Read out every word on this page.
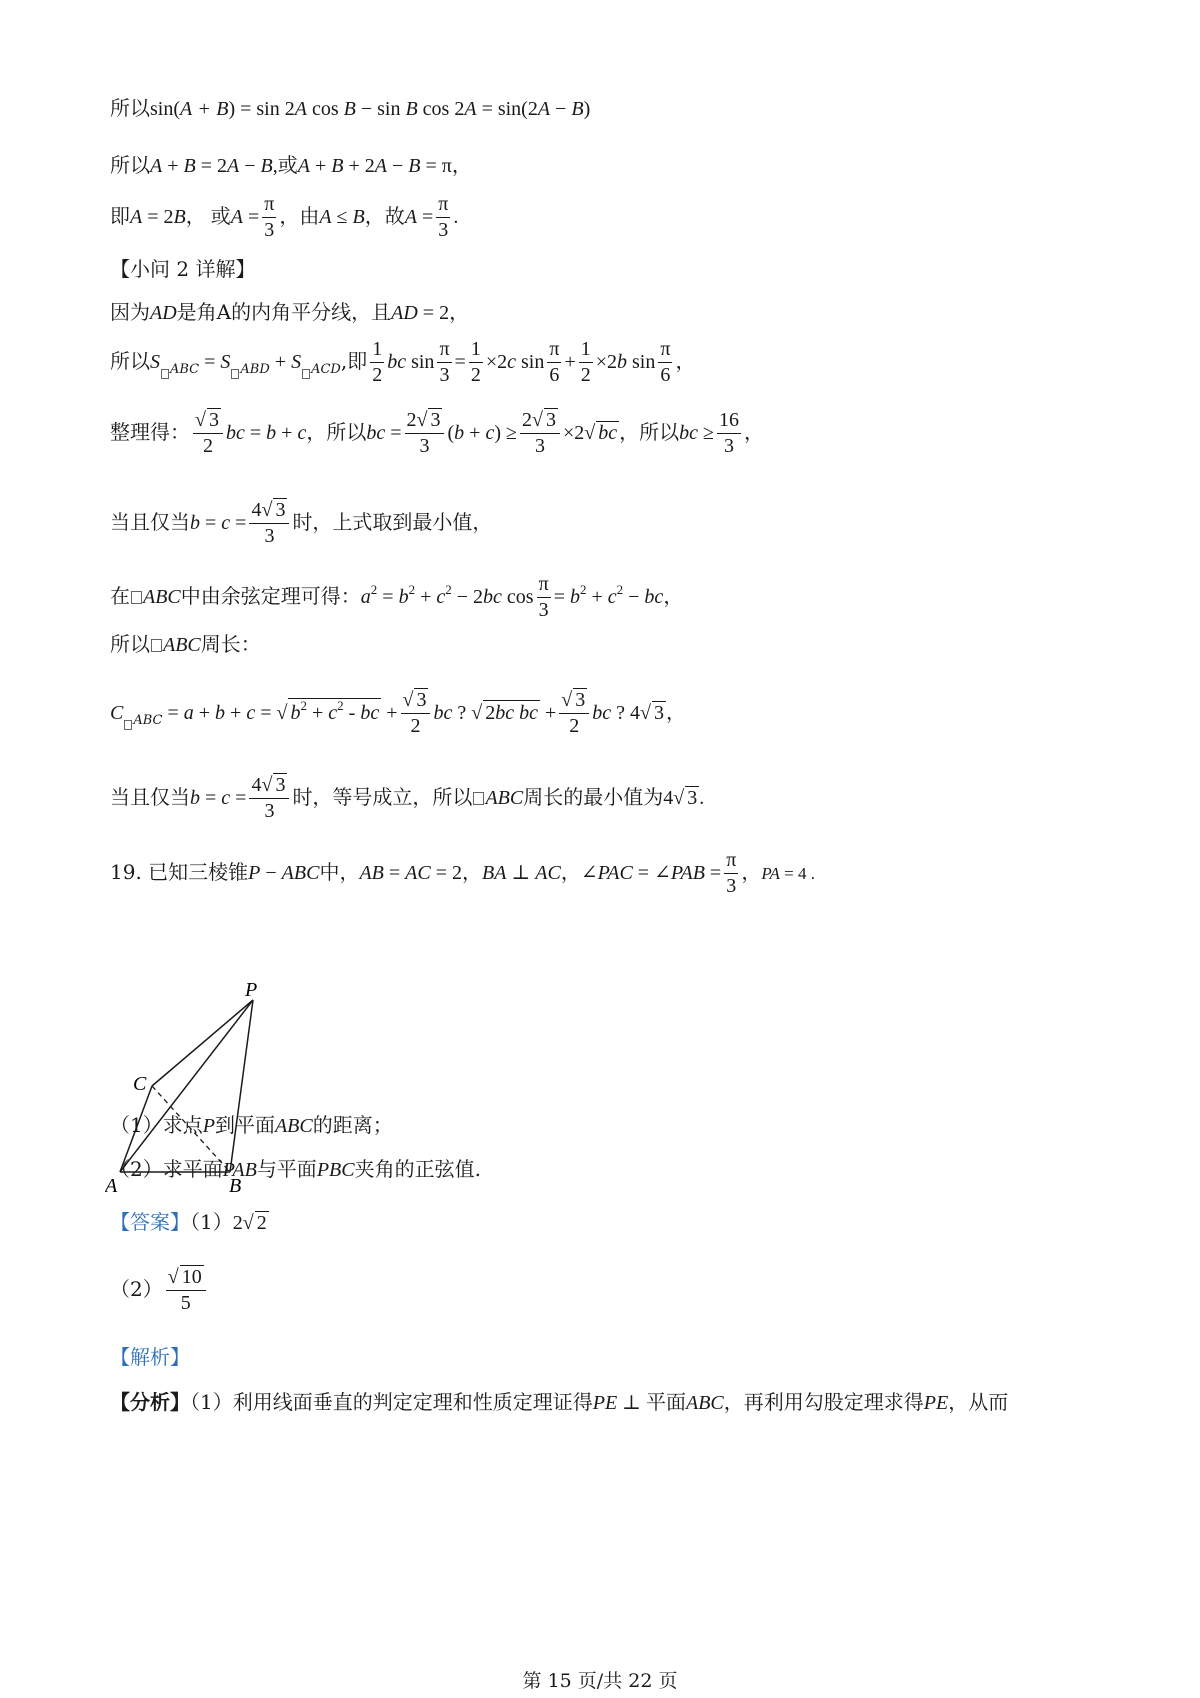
所以sin(A + B) = sin 2A cos B − sin B cos 2A = sin(2A − B)
所以A + B = 2A − B,或A + B + 2A − B = π，
即A = 2B， 或$A = \frac{\pi}{3}$ ，由A ≤ B，故$A = \frac{\pi}{3}$ .
【小问 2 详解】
因为AD是角A的内角平分线，且AD = 2，
所以S $_{ABC}$ = S $_{ABD}$ + S $_{ACD}$,即 $\frac{1}{2}$ bc $\sin \frac{\pi}{3} = \frac{1}{2} \times 2c$ $\sin \frac{\pi}{6} + \frac{1}{2} \times 2b$ $\sin \frac{\pi}{6}$ ，
整理得： $\frac{√ 3}{2}$ bc = b + c，所以bc = $\frac{2√ 3}{3} (b + c) \ge \frac{2√ 3}{3} \times 2√$ bc ，所以bc ≥ $\frac{16}{3}$ ，
当且仅当$b = c = \frac{4√ 3}{3}$ 时，上式取到最小值，
在 ABC中由余弦定理可得：$a^2 = b^2 + c^2 - 2bc$ $\cos \frac{\pi}{3} = b^2 + c^2$ − bc，
所以 ABC周长：
C $_{ABC}$ = a + b + c = √ $b^2 + c^2$ - bc + $\frac{√ 3}{2}$ bc ? √ 2bc bc + $\frac{√ 3}{2}$ bc ? 4√ 3 ，
当且仅当$b = c = \frac{4√ 3}{3}$ 时，等号成立，所以 ABC周长的最小值为4√ 3 .
19. 已知三棱锥P − ABC中，AB = AC = 2，BA ⊥ AC，∠PAC = ∠PAB = $\frac{\pi}{3}$ ，PA = 4 .
P
C
A	B
（1）求点P到平面ABC的距离；
（2）求平面PAB与平面PBC夹角的正弦值.
【答案】（1）2√ 2
$(2) \frac{√ 10}{5}$
【解析】
【分析】（1）利用线面垂直的判定定理和性质定理证得PE ⊥ 平面ABC，再利用勾股定理求得PE，从而
第 15 页/共 22 页
